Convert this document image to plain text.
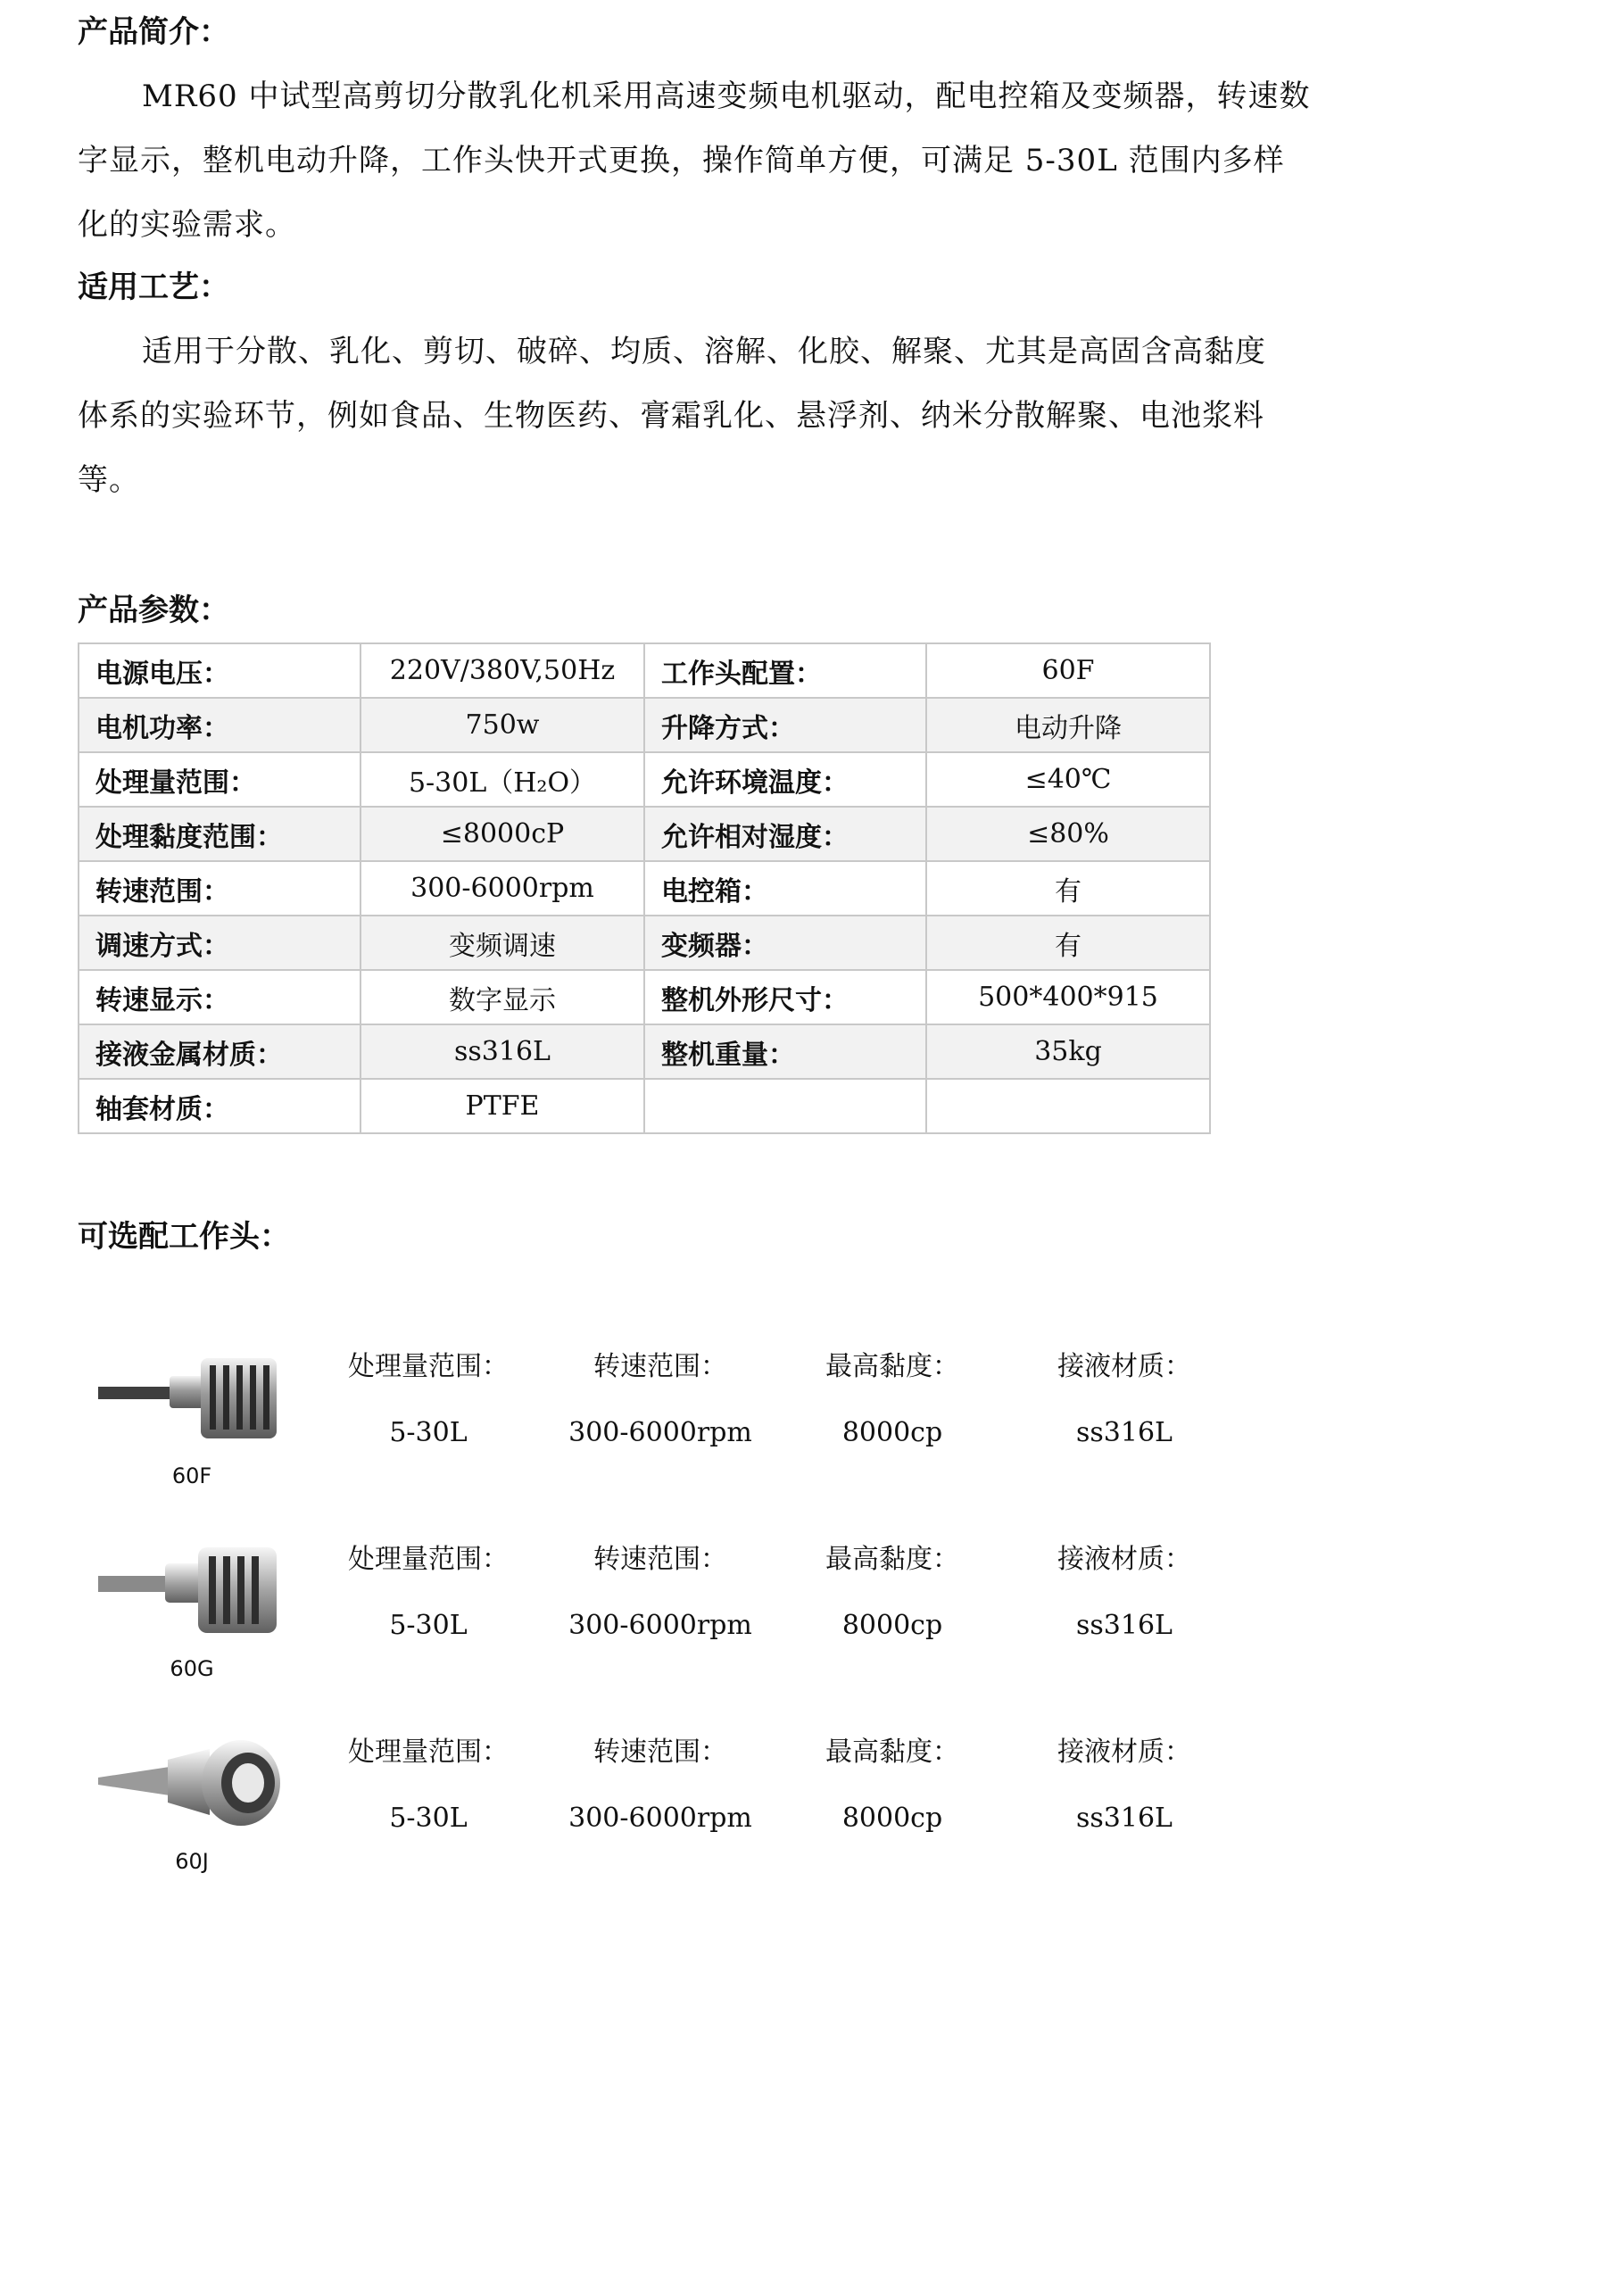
产品简介：
MR60 中试型高剪切分散乳化机采用高速变频电机驱动，配电控箱及变频器，转速数
字显示，整机电动升降，工作头快开式更换，操作简单方便，可满足 5-30L 范围内多样
化的实验需求。
适用工艺：
适用于分散、乳化、剪切、破碎、均质、溶解、化胶、解聚、尤其是高固含高黏度
体系的实验环节，例如食品、生物医药、膏霜乳化、悬浮剂、纳米分散解聚、电池浆料
等。
产品参数：
电源电压：	220V/380V,50Hz	工作头配置：	60F
电机功率：	750w	升降方式：	电动升降
处理量范围：	5-30L（H₂O）	允许环境温度：	≤40℃
处理黏度范围：	≤8000cP	允许相对湿度：	≤80%
转速范围：	300-6000rpm	电控箱：	有
调速方式：	变频调速	变频器：	有
转速显示：	数字显示	整机外形尺寸：	500*400*915
接液金属材质：	ss316L	整机重量：	35kg
轴套材质：	PTFE		
可选配工作头：
60F
处理量范围：
5-30L
转速范围：
300-6000rpm
最高黏度：
8000cp
接液材质：
ss316L
60G
处理量范围：
5-30L
转速范围：
300-6000rpm
最高黏度：
8000cp
接液材质：
ss316L
60J
处理量范围：
5-30L
转速范围：
300-6000rpm
最高黏度：
8000cp
接液材质：
ss316L
